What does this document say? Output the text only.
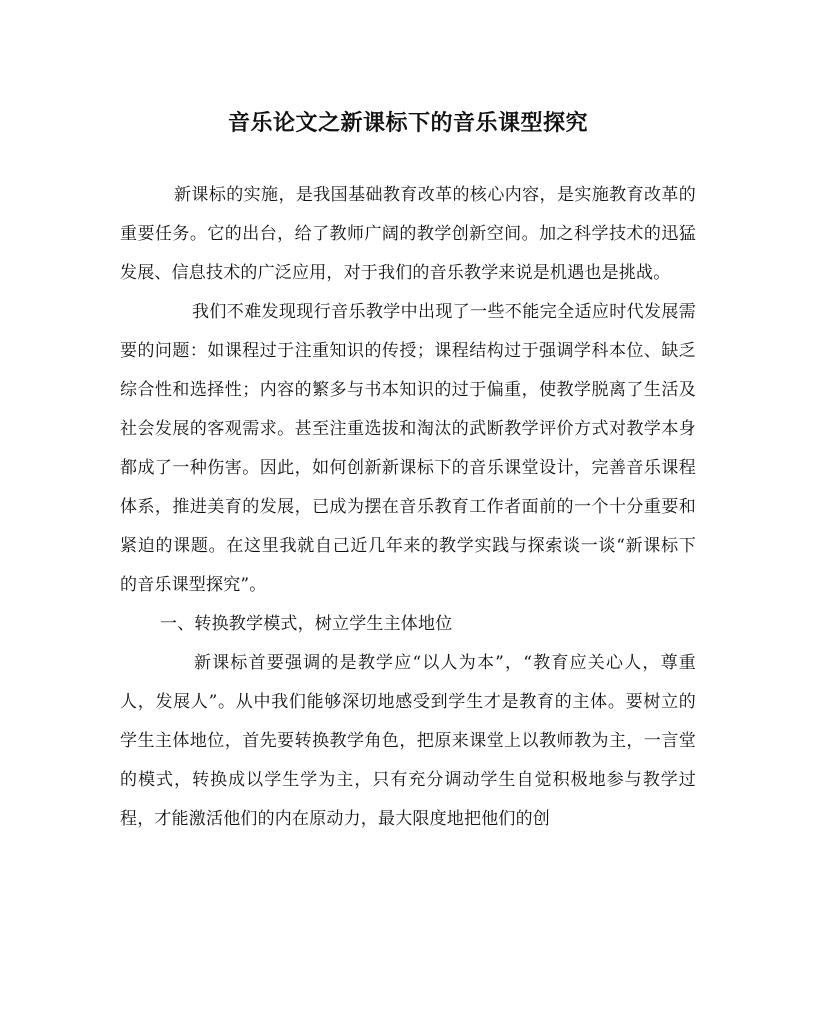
音乐论文之新课标下的音乐课型探究

新课标的实施，是我国基础教育改革的核心内容，是实施教育改革的重要任务。它的出台，给了教师广阔的教学创新空间。加之科学技术的迅猛发展、信息技术的广泛应用，对于我们的音乐教学来说是机遇也是挑战。

我们不难发现现行音乐教学中出现了一些不能完全适应时代发展需要的问题：如课程过于注重知识的传授；课程结构过于强调学科本位、缺乏综合性和选择性；内容的繁多与书本知识的过于偏重，使教学脱离了生活及社会发展的客观需求。甚至注重选拔和淘汰的武断教学评价方式对教学本身都成了一种伤害。因此，如何创新新课标下的音乐课堂设计，完善音乐课程体系，推进美育的发展，已成为摆在音乐教育工作者面前的一个十分重要和紧迫的课题。在这里我就自己近几年来的教学实践与探索谈一谈“新课标下的音乐课型探究”。

一、转换教学模式，树立学生主体地位

新课标首要强调的是教学应“以人为本”，“教育应关心人，尊重人，发展人”。从中我们能够深切地感受到学生才是教育的主体。要树立的学生主体地位，首先要转换教学角色，把原来课堂上以教师教为主，一言堂的模式，转换成以学生学为主，只有充分调动学生自觉积极地参与教学过程，才能激活他们的内在原动力，最大限度地把他们的创
